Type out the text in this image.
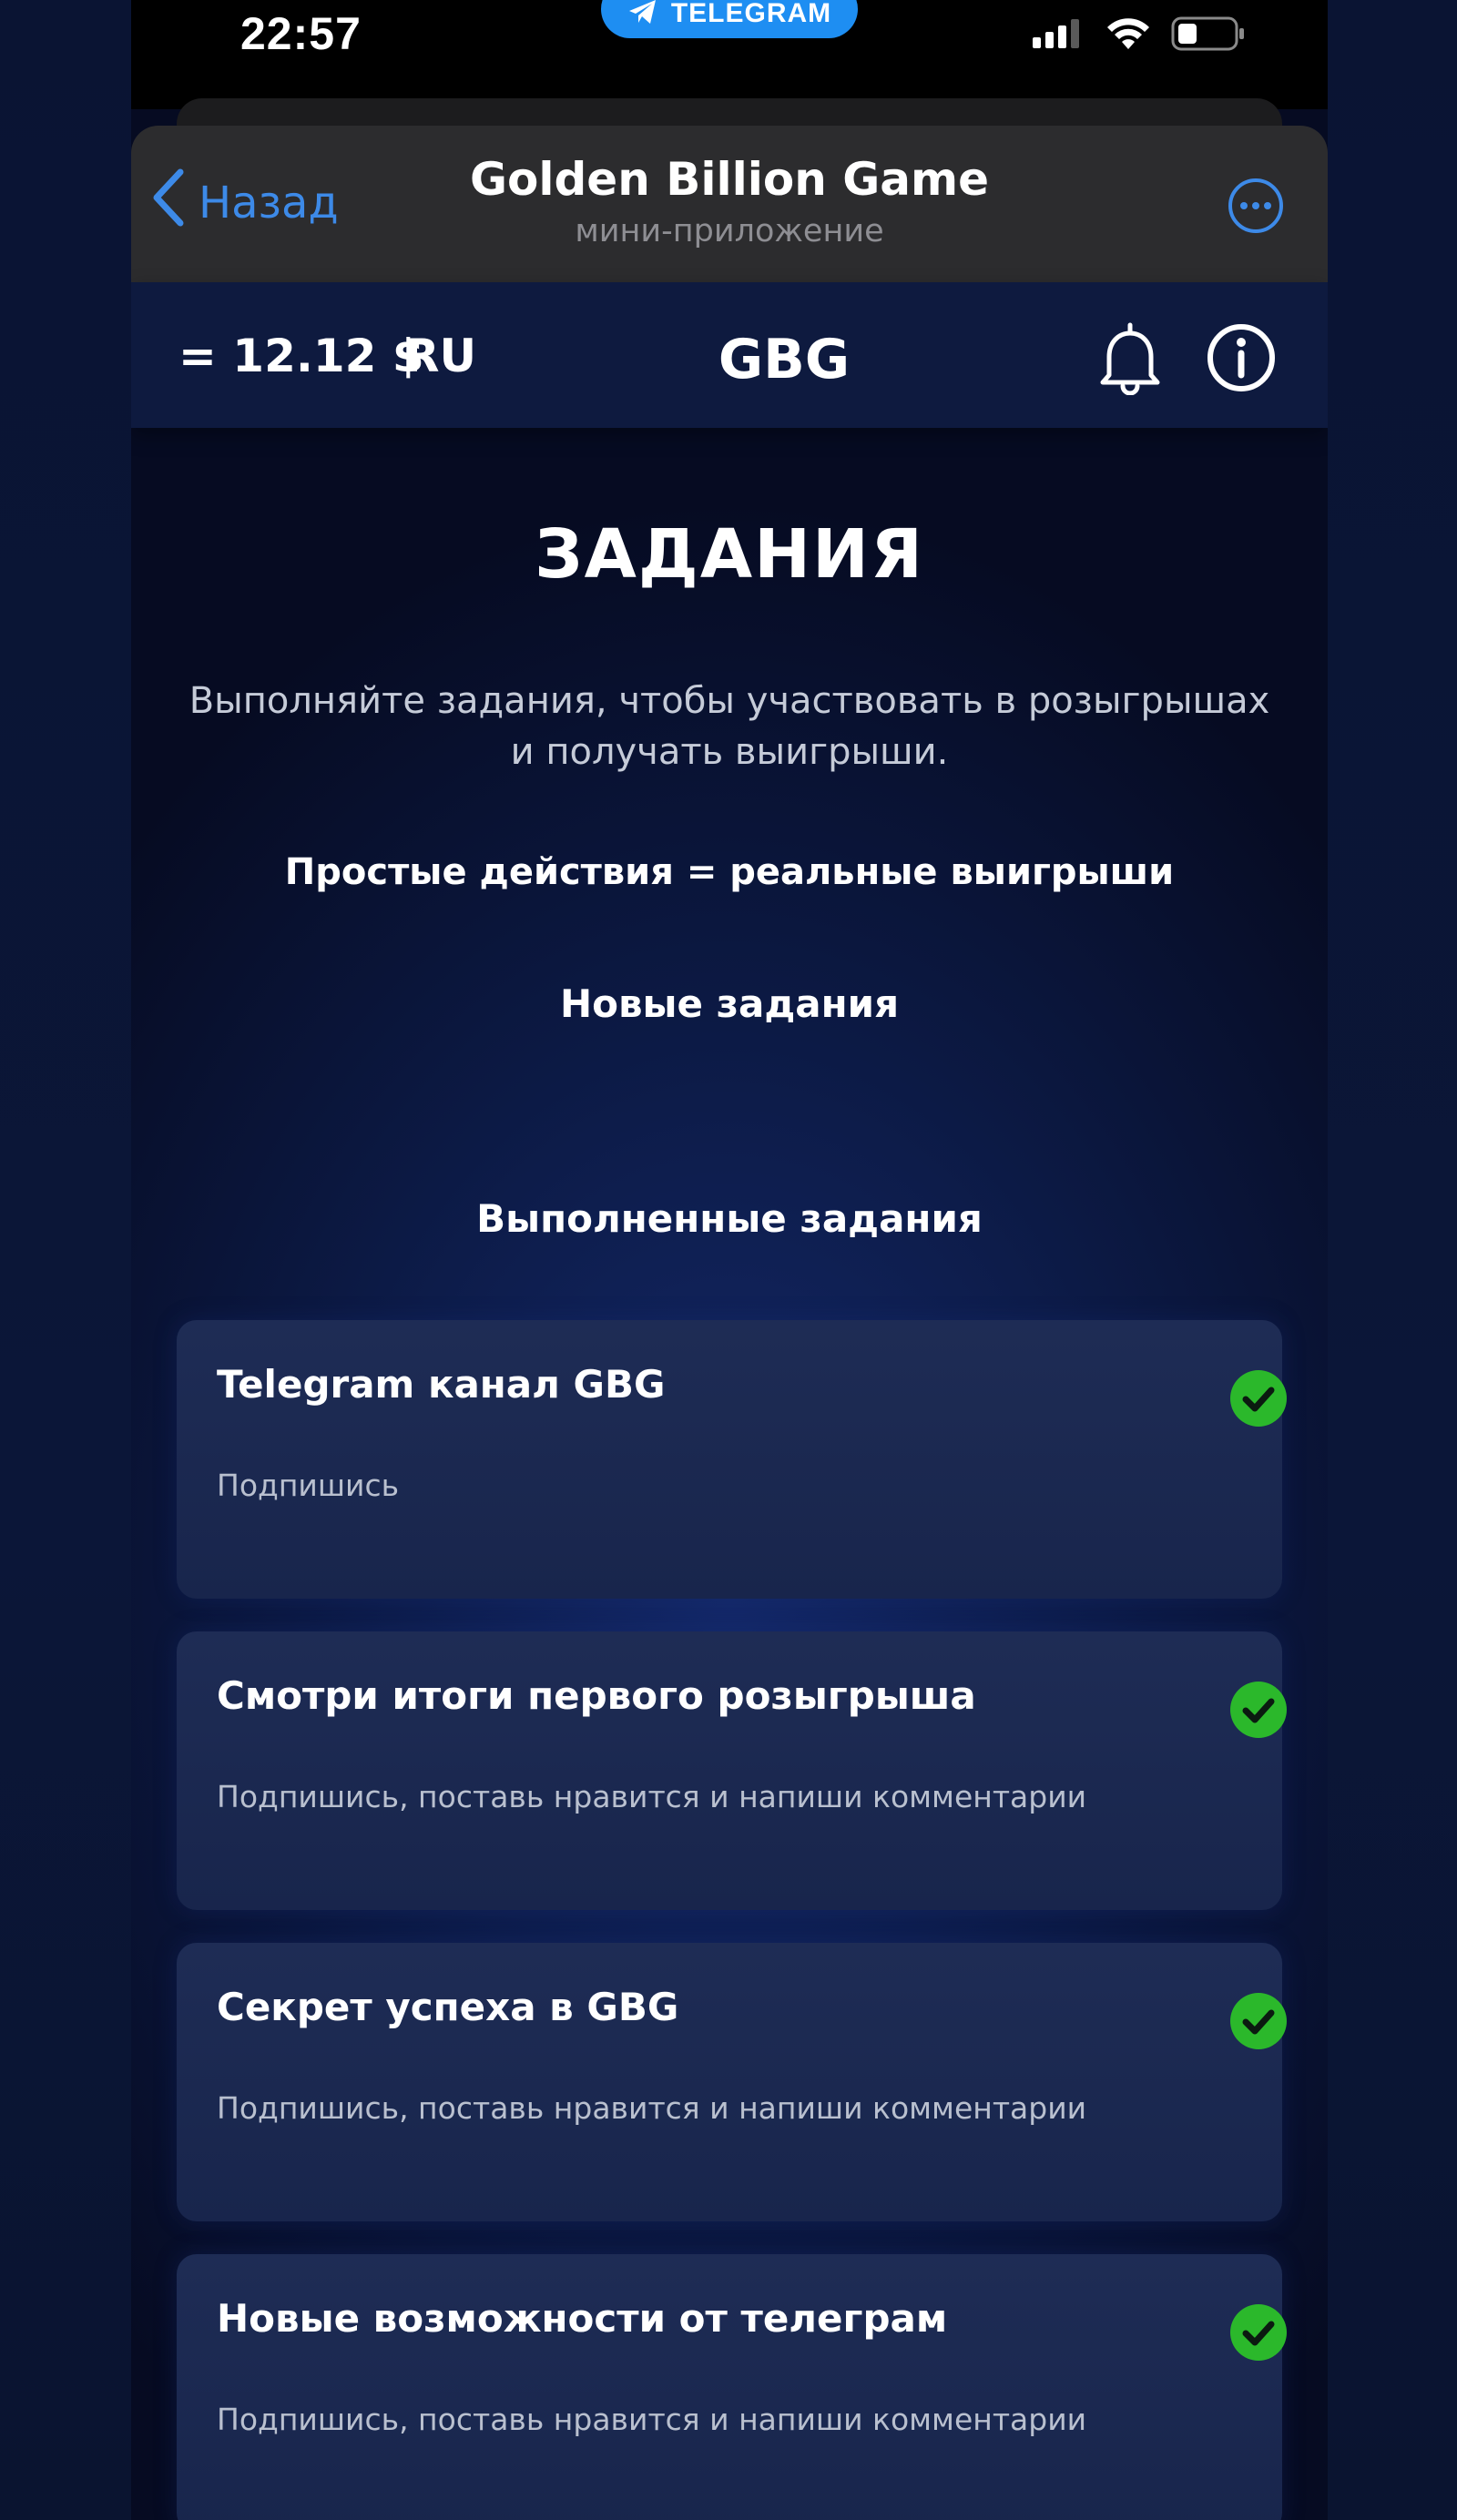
22:57	TELEGRAM
Назад	Golden Billion Game
мини-приложение
= 12.12 $
RU	GBG
ЗАДАНИЯ
Выполняйте задания, чтобы участвовать в розыгрышах и получать выигрыши.
Простые действия = реальные выигрыши
Новые задания
Выполненные задания
Telegram канал GBG
Подпишись
Смотри итоги первого розыгрыша
Подпишись, поставь нравится и напиши комментарии
Секрет успеха в GBG
Подпишись, поставь нравится и напиши комментарии
Новые возможности от телеграм
Подпишись, поставь нравится и напиши комментарии
